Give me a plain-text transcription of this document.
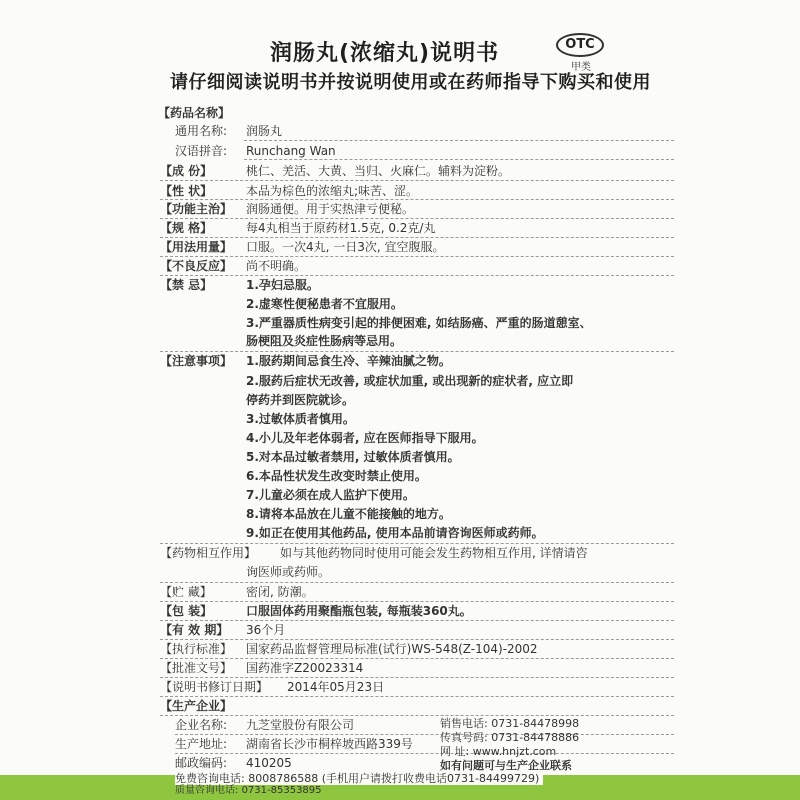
润肠丸(浓缩丸)说明书	OTC
甲类
请仔细阅读说明书并按说明使用或在药师指导下购买和使用
【药品名称】
通用名称: 润肠丸
汉语拼音: Runchang Wan
【成 份】	桃仁、羌活、大黄、当归、火麻仁。辅料为淀粉。
【性 状】	本品为棕色的浓缩丸;味苦、涩。
【功能主治】 润肠通便。用于实热津亏便秘。
【规 格】	每4丸相当于原药材1.5克, 0.2克/丸
【用法用量】 口服。一次4丸, 一日3次, 宜空腹服。
【不良反应】 尚不明确。
【禁 忌】	1.孕妇忌服。
2.虚寒性便秘患者不宜服用。
3.严重器质性病变引起的排便困难, 如结肠癌、严重的肠道憩室、
肠梗阻及炎症性肠病等忌用。
【注意事项】 1.服药期间忌食生冷、辛辣油腻之物。
2.服药后症状无改善, 或症状加重, 或出现新的症状者, 应立即
停药并到医院就诊。
3.过敏体质者慎用。
4.小儿及年老体弱者, 应在医师指导下服用。
5.对本品过敏者禁用, 过敏体质者慎用。
6.本品性状发生改变时禁止使用。
7.儿童必须在成人监护下使用。
8.请将本品放在儿童不能接触的地方。
9.如正在使用其他药品, 使用本品前请咨询医师或药师。
【药物相互作用】 如与其他药物同时使用可能会发生药物相互作用, 详情请咨
询医师或药师。
【贮 藏】	密闭, 防潮。
【包 装】	口服固体药用聚酯瓶包装, 每瓶装360丸。
【有 效 期】 36个月
【执行标准】 国家药品监督管理局标准(试行)WS-548(Z-104)-2002
【批准文号】 国药准字Z20023314
【说明书修订日期】 2014年05月23日
【生产企业】
企业名称: 九芝堂股份有限公司
生产地址: 湖南省长沙市桐梓坡西路339号
邮政编码: 410205
免费咨询电话: 8008786588 (手机用户请拨打收费电话0731-84499729)
质量咨询电话: 0731-85353895
销售电话: 0731-84478998
传真号码: 0731-84478886
网 址: www.hnjzt.com
如有问题可与生产企业联系
